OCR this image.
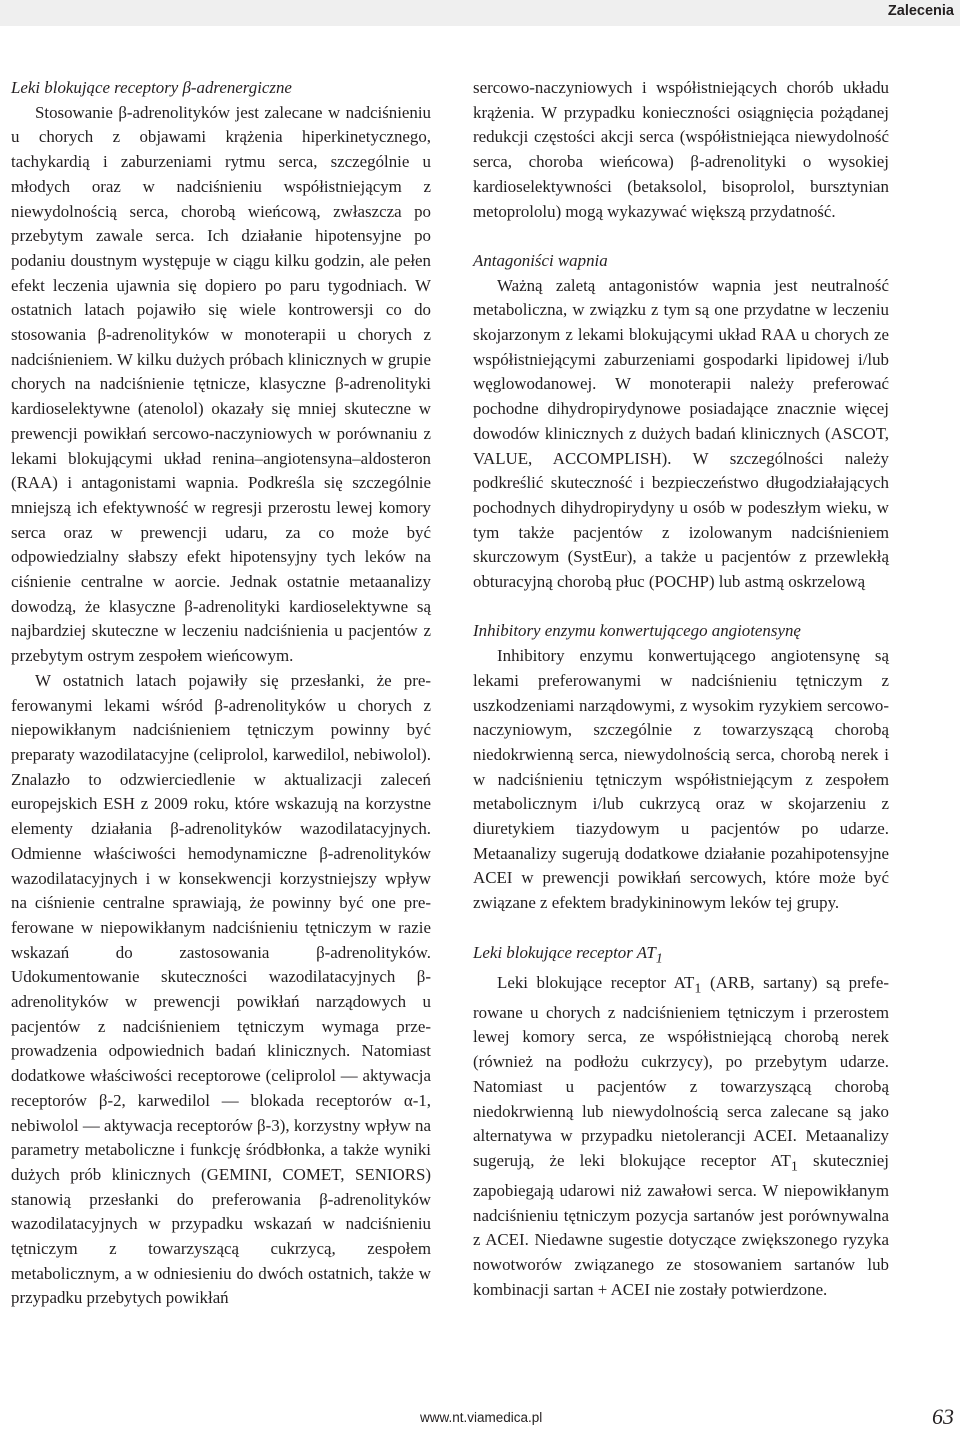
Zalecenia
Leki blokujące receptory β-adrenergiczne

Stosowanie β-adrenolityków jest zalecane w nadciśnieniu u chorych z objawami krążenia hiperkinetycznego, tachykardią i zaburzeniami rytmu serca, szczególnie u młodych oraz w nadciśnieniu współistniejącym z niewydolnością serca, chorobą wieńcową, zwłaszcza po przebytym zawale serca. Ich działanie hipotensyjne po podaniu doustnym występuje w ciągu kilku godzin, ale pełen efekt leczenia ujawnia się dopiero po paru tygodniach. W ostatnich latach pojawiło się wiele kontrowersji co do stosowania β-adrenolityków w monoterapii u chorych z nadciśnieniem. W kilku dużych próbach klinicznych w grupie chorych na nadciśnienie tętnicze, klasyczne β-adrenolityki kardioselektywne (atenolol) okazały się mniej skuteczne w prewencji powikłań sercowo-naczyniowych w porównaniu z lekami blokującymi układ renina–angiotensyna–aldosteron (RAA) i antagonistami wapnia. Podkreśla się szczególnie mniejszą ich efektywność w regresji przerostu lewej komory serca oraz w prewencji udaru, za co może być odpowiedzialny słabszy efekt hipotensyjny tych leków na ciśnienie centralne w aorcie. Jednak ostatnie metaanalizy dowodzą, że klasyczne β-adrenolityki kardioselektywne są najbardziej skuteczne w leczeniu nadciśnienia u pacjentów z przebytym ostrym zespołem wieńcowym.

W ostatnich latach pojawiły się przesłanki, że preferowanymi lekami wśród β-adrenolityków u chorych z niepowikłanym nadciśnieniem tętniczym powinny być preparaty wazodilatacyjne (celiprolol, karwedilol, nebiwolol). Znalazło to odzwierciedlenie w aktualizacji zaleceń europejskich ESH z 2009 roku, które wskazują na korzystne elementy działania β-adrenolityków wazodilatacyjnych. Odmienne właściwości hemodynamiczne β-adrenolityków wazodilatacyjnych i w konsekwencji korzystniejszy wpływ na ciśnienie centralne sprawiają, że powinny być one preferowane w niepowikłanym nadciśnieniu tętniczym w razie wskazań do zastosowania β-adrenolityków. Udokumentowanie skuteczności wazodilatacyjnych β-adrenolityków w prewencji powikłań narządowych u pacjentów z nadciśnieniem tętniczym wymaga przeprowadzenia odpowiednich badań klinicznych. Natomiast dodatkowe właściwości receptorowe (celiprolol — aktywacja receptorów β-2, karwedilol — blokada receptorów α-1, nebiwolol — aktywacja receptorów β-3), korzystny wpływ na parametry metaboliczne i funkcję śródbłonka, a także wyniki dużych prób klinicznych (GEMINI, COMET, SENIORS) stanowią przesłanki do preferowania β-adrenolityków wazodilatacyjnych w przypadku wskazań w nadciśnieniu tętniczym z towarzyszącą cukrzycą, zespołem metabolicznym, a w odniesieniu do dwóch ostatnich, także w przypadku przebytych powikłań

sercowo-naczyniowych i współistniejących chorób układu krążenia. W przypadku konieczności osiągnięcia pożądanej redukcji częstości akcji serca (współistniejąca niewydolność serca, choroba wieńcowa) β-adrenolityki o wysokiej kardioselektywności (betaksolol, bisoprolol, bursztynian metoprololu) mogą wykazywać większą przydatność.

Antagoniści wapnia

Ważną zaletą antagonistów wapnia jest neutralność metaboliczna, w związku z tym są one przydatne w leczeniu skojarzonym z lekami blokującymi układ RAA u chorych ze współistniejącymi zaburzeniami gospodarki lipidowej i/lub węglowodanowej. W monoterapii należy preferować pochodne dihydropirydynowe posiadające znacznie więcej dowodów klinicznych z dużych badań klinicznych (ASCOT, VALUE, ACCOMPLISH). W szczególności należy podkreślić skuteczność i bezpieczeństwo długodziałających pochodnych dihydropirydyny u osób w podeszłym wieku, w tym także pacjentów z izolowanym nadciśnieniem skurczowym (SystEur), a także u pacjentów z przewlekłą obturacyjną chorobą płuc (POCHP) lub astmą oskrzelową

Inhibitory enzymu konwertującego angiotensynę

Inhibitory enzymu konwertującego angiotensynę są lekami preferowanymi w nadciśnieniu tętniczym z uszkodzeniami narządowymi, z wysokim ryzykiem sercowo-naczyniowym, szczególnie z towarzyszącą chorobą niedokrwienną serca, niewydolnością serca, chorobą nerek i w nadciśnieniu tętniczym współistniejącym z zespołem metabolicznym i/lub cukrzycą oraz w skojarzeniu z diuretykiem tiazydowym u pacjentów po udarze. Metaanalizy sugerują dodatkowe działanie pozahipotensyjne ACEI w prewencji powikłań sercowych, które może być związane z efektem bradykininowym leków tej grupy.

Leki blokujące receptor $AT_1$

Leki blokujące receptor $AT_1$ (ARB, sartany) są preferowane u chorych z nadciśnieniem tętniczym i przerostem lewej komory serca, ze współistniejącą chorobą nerek (również na podłożu cukrzycy), po przebytym udarze. Natomiast u pacjentów z towarzyszącą chorobą niedokrwienną lub niewydolnością serca zalecane są jako alternatywa w przypadku nietolerancji ACEI. Metaanalizy sugerują, że leki blokujące receptor $AT_1$ skuteczniej zapobiegają udarowi niż zawałowi serca. W niepowikłanym nadciśnieniu tętniczym pozycja sartanów jest porównywalna z ACEI. Niedawne sugestie dotyczące zwiększonego ryzyka nowotworów związanego ze stosowaniem sartanów lub kombinacji sartan + ACEI nie zostały potwierdzone.

www.nt.viamedica.pl	63
